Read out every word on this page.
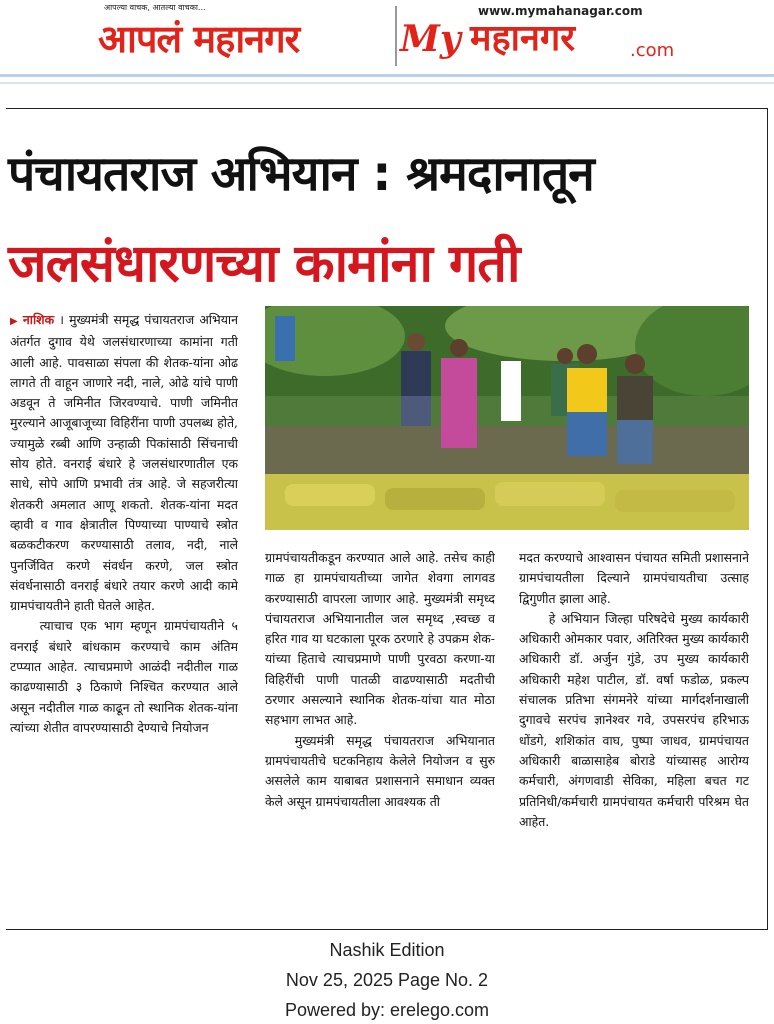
आपल्या वाचक, आतल्या वाचका...	www.mymahanagar.com
आपलं महानगर	My महानगर	.com
पंचायतराज अभियान : श्रमदानातून
जलसंधारणच्या कामांना गती

▶ नाशिक । मुख्यमंत्री समृद्ध पंचायतराज अभियान अंतर्गत दुगाव येथे जलसंधारणाच्या कामांना गती आली आहे. पावसाळा संपला की शेतक-यांना ओढ लागते ती वाहून जाणारे नदी, नाले, ओढे यांचे पाणी अडवून ते जमिनीत जिरवण्याचे. पाणी जमिनीत मुरल्याने आजूबाजूच्या विहिरींना पाणी उपलब्ध होते, ज्यामुळे रब्बी आणि उन्हाळी पिकांसाठी सिंचनाची सोय होते. वनराई बंधारे हे जलसंधारणातील एक साधे, सोपे आणि प्रभावी तंत्र आहे. जे सहजरीत्या शेतकरी अमलात आणू शकतो. शेतक-यांना मदत व्हावी व गाव क्षेत्रातील पिण्याच्या पाण्याचे स्त्रोत बळकटीकरण करण्यासाठी तलाव, नदी, नाले पुनर्जिवित करणे संवर्धन करणे, जल स्त्रोत संवर्धनासाठी वनराई बंधारे तयार करणे आदी कामे ग्रामपंचायतीने हाती घेतले आहेत.

त्याचाच एक भाग म्हणून ग्रामपंचायतीने ५ वनराई बंधारे बांधकाम करण्याचे काम अंतिम टप्प्यात आहेत. त्याचप्रमाणे आळंदी नदीतील गाळ काढण्यासाठी ३ ठिकाणे निश्चित करण्यात आले असून नदीतील गाळ काढून तो स्थानिक शेतक-यांना त्यांच्या शेतीत वापरण्यासाठी देण्याचे नियोजन

ग्रामपंचायतीकडून करण्यात आले आहे. तसेच काही गाळ हा ग्रामपंचायतीच्या जागेत शेवगा लागवड करण्यासाठी वापरला जाणार आहे. मुख्यमंत्री समृध्द पंचायतराज अभियानातील जल समृध्द ,स्वच्छ व हरित गाव या घटकाला पूरक ठरणारे हे उपक्रम शेक-यांच्या हिताचे त्याचप्रमाणे पाणी पुरवठा करणा-या विहिरींची पाणी पातळी वाढण्यासाठी मदतीची ठरणार असल्याने स्थानिक शेतक-यांचा यात मोठा सहभाग लाभत आहे.

मुख्यमंत्री समृद्ध पंचायतराज अभियानात ग्रामपंचायतीचे घटकनिहाय केलेले नियोजन व सुरु असलेले काम याबाबत प्रशासनाने समाधान व्यक्त केले असून ग्रामपंचायतीला आवश्यक ती

मदत करण्याचे आश्वासन पंचायत समिती प्रशासनाने ग्रामपंचायतीला दिल्याने ग्रामपंचायतीचा उत्साह द्विगुणीत झाला आहे.

हे अभियान जिल्हा परिषदेचे मुख्य कार्यकारी अधिकारी ओमकार पवार, अतिरिक्त मुख्य कार्यकारी अधिकारी डॉ. अर्जुन गुंडे, उप मुख्य कार्यकारी अधिकारी महेश पाटील, डॉ. वर्षा फडोळ, प्रकल्प संचालक प्रतिभा संगमनेरे यांच्या मार्गदर्शनाखाली दुगावचे सरपंच ज्ञानेश्वर गवे, उपसरपंच हरिभाऊ धोंडगे, शशिकांत वाघ, पुष्पा जाधव, ग्रामपंचायत अधिकारी बाळासाहेब बोराडे यांच्यासह आरोग्य कर्मचारी, अंगणवाडी सेविका, महिला बचत गट प्रतिनिधी/कर्मचारी ग्रामपंचायत कर्मचारी परिश्रम घेत आहेत.

Nashik Edition
Nov 25, 2025 Page No. 2
Powered by: erelego.com
